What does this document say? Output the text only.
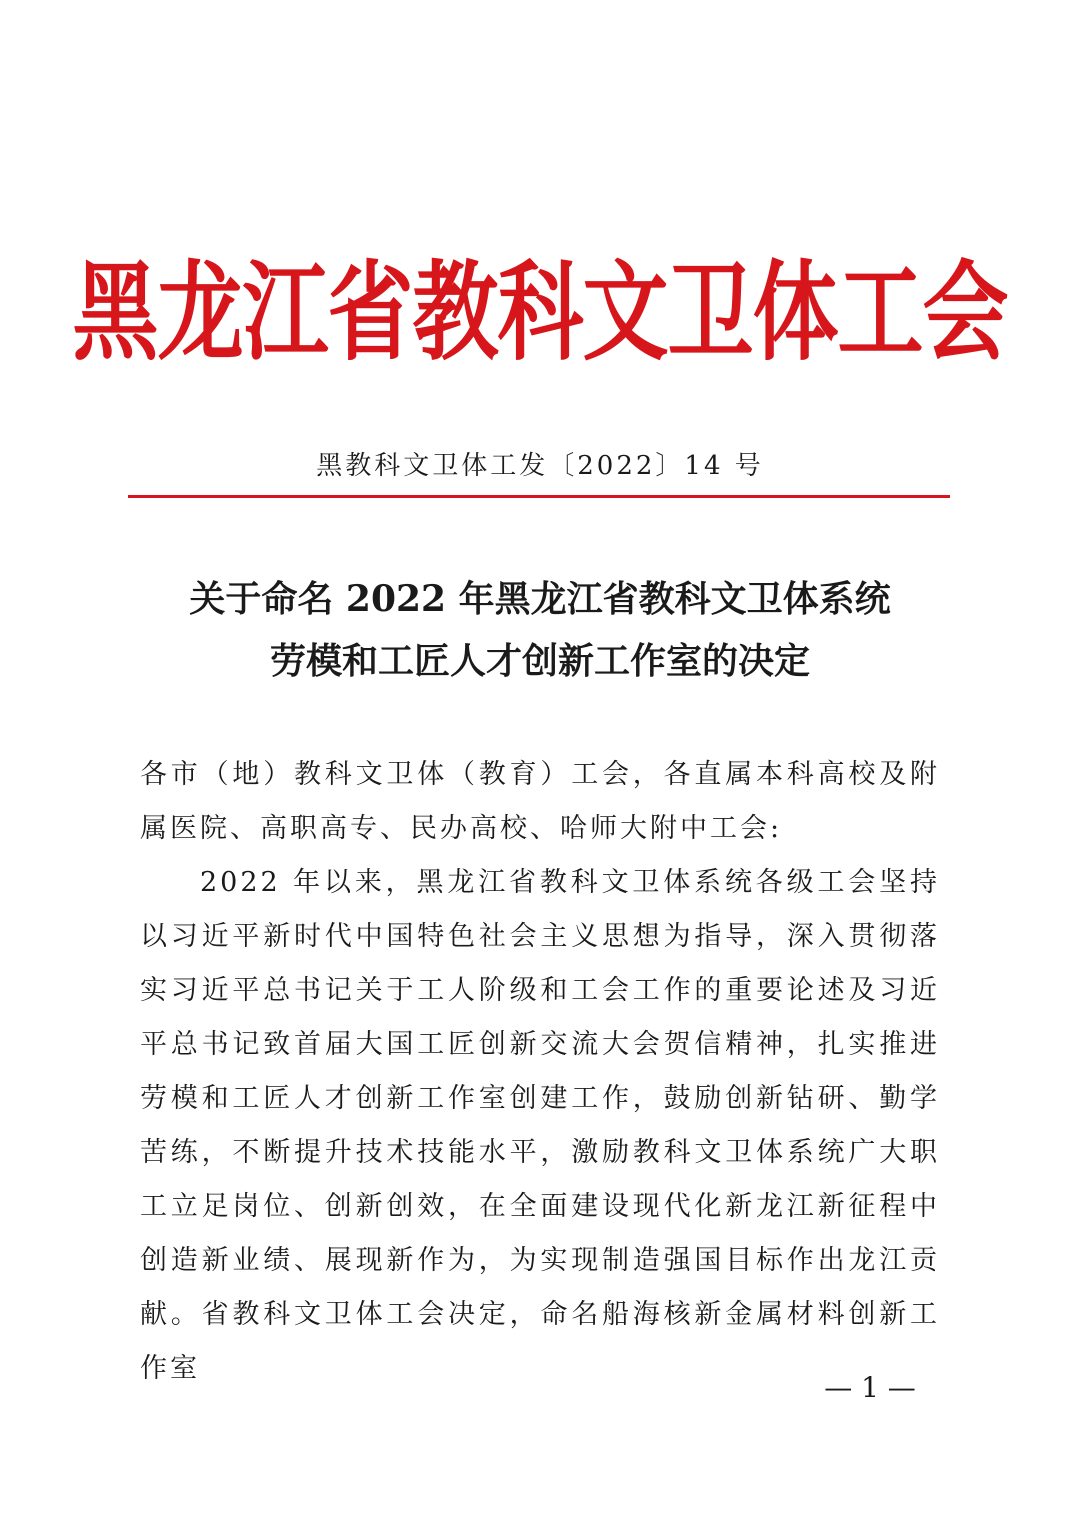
黑龙江省教科文卫体工会
黑教科文卫体工发〔2022〕14 号
关于命名 2022 年黑龙江省教科文卫体系统
劳模和工匠人才创新工作室的决定

各市（地）教科文卫体（教育）工会，各直属本科高校及附属医院、高职高专、民办高校、哈师大附中工会:

2022 年以来，黑龙江省教科文卫体系统各级工会坚持以习近平新时代中国特色社会主义思想为指导，深入贯彻落实习近平总书记关于工人阶级和工会工作的重要论述及习近平总书记致首届大国工匠创新交流大会贺信精神，扎实推进劳模和工匠人才创新工作室创建工作，鼓励创新钻研、勤学苦练，不断提升技术技能水平，激励教科文卫体系统广大职工立足岗位、创新创效，在全面建设现代化新龙江新征程中创造新业绩、展现新作为，为实现制造强国目标作出龙江贡献。省教科文卫体工会决定，命名船海核新金属材料创新工作室

— 1 —
